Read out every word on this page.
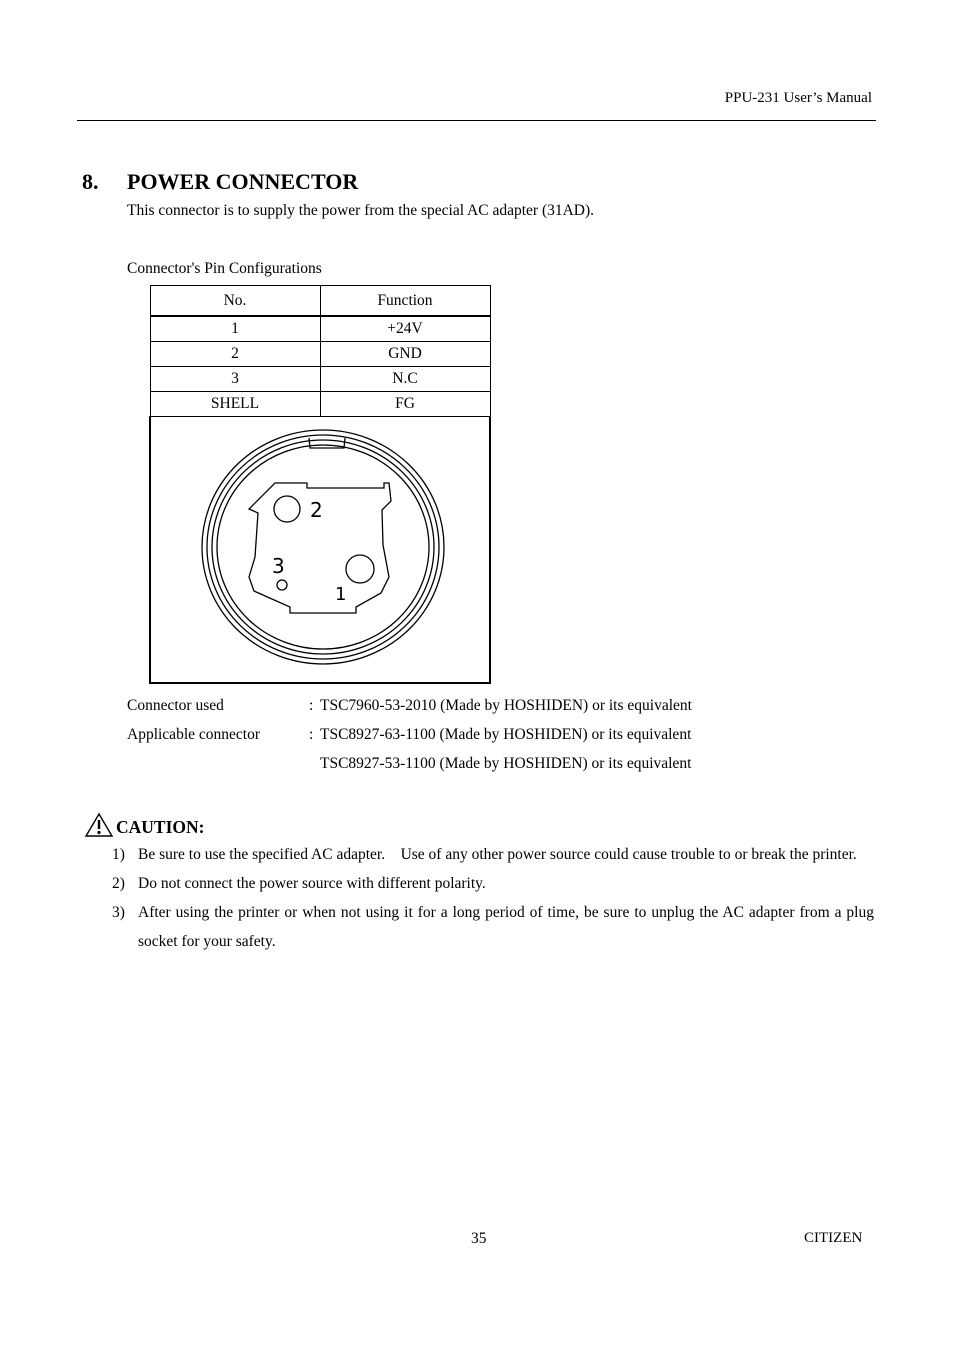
PPU-231 User’s Manual
8. POWER CONNECTOR
This connector is to supply the power from the special AC adapter (31AD).
Connector's Pin Configurations
No.	Function
1	+24V
2	GND
3	N.C
SHELL	FG

2
3
1	
Connector used	: TSC7960-53-2010 (Made by HOSHIDEN) or its equivalent
Applicable connector	: TSC8927-63-1100 (Made by HOSHIDEN) or its equivalent
TSC8927-53-1100 (Made by HOSHIDEN) or its equivalent
CAUTION:
1) Be sure to use the specified AC adapter.　Use of any other power source could cause trouble to or break the printer.
2) Do not connect the power source with different polarity.
3) After using the printer or when not using it for a long period of time, be sure to unplug the AC adapter from a plug socket for your safety.
35	CITIZEN
